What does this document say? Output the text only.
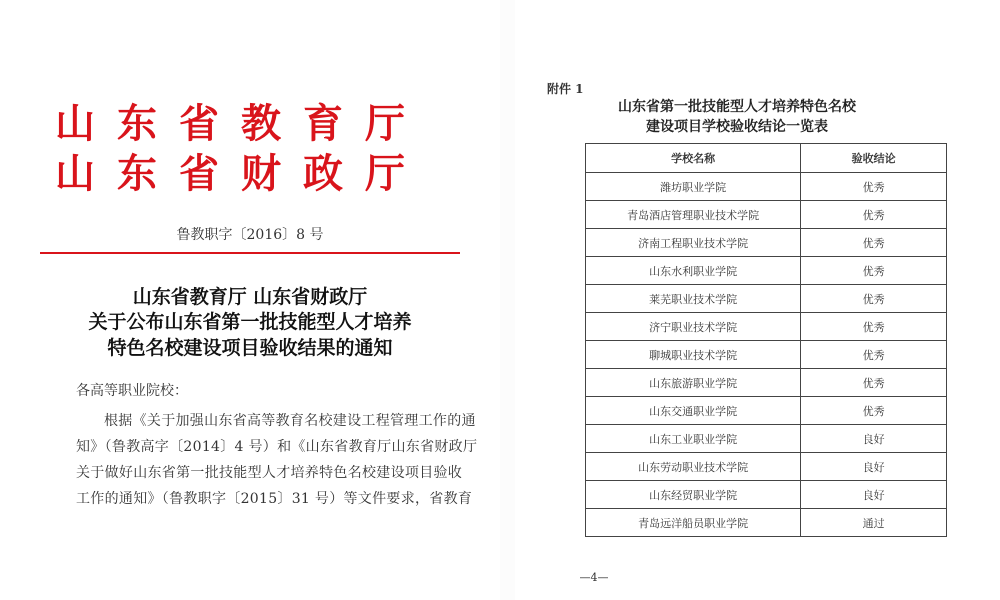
山东省教育厅
山东省财政厅
鲁教职字〔2016〕8 号
山东省教育厅 山东省财政厅
关于公布山东省第一批技能型人才培养
特色名校建设项目验收结果的通知
各高等职业院校：
根据《关于加强山东省高等教育名校建设工程管理工作的通
知》（鲁教高字〔2014〕4 号）和《山东省教育厅山东省财政厅
关于做好山东省第一批技能型人才培养特色名校建设项目验收
工作的通知》（鲁教职字〔2015〕31 号）等文件要求，省教育
附件 1
山东省第一批技能型人才培养特色名校
建设项目学校验收结论一览表
学校名称	验收结论
潍坊职业学院	优秀
青岛酒店管理职业技术学院	优秀
济南工程职业技术学院	优秀
山东水利职业学院	优秀
莱芜职业技术学院	优秀
济宁职业技术学院	优秀
聊城职业技术学院	优秀
山东旅游职业学院	优秀
山东交通职业学院	优秀
山东工业职业学院	良好
山东劳动职业技术学院	良好
山东经贸职业学院	良好
青岛远洋船员职业学院	通过
—4—
